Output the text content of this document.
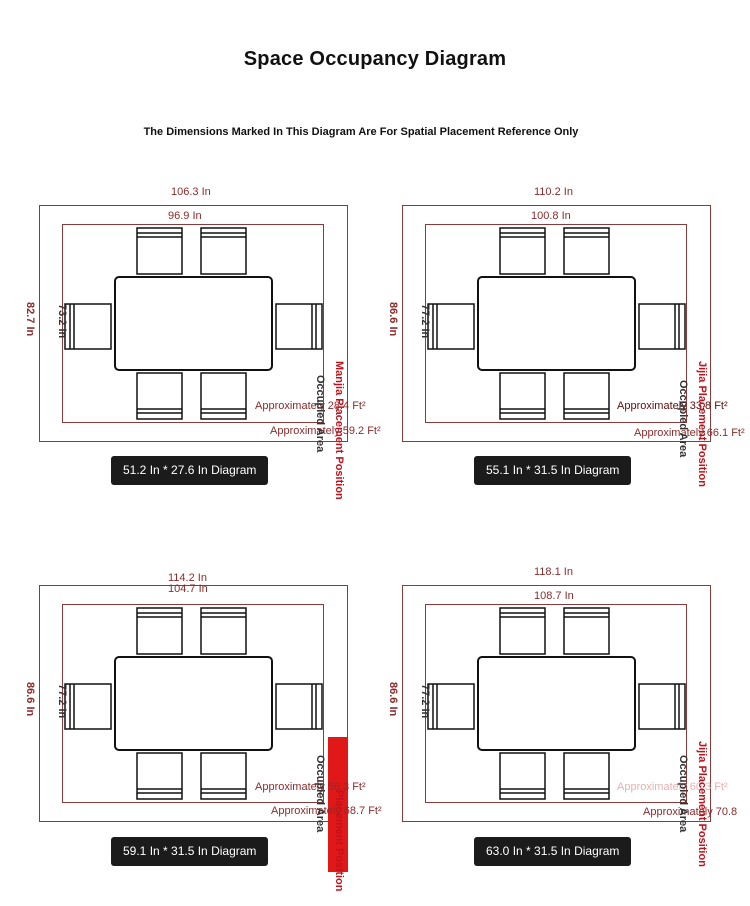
Space Occupancy Diagram
The Dimensions Marked In This Diagram Are For Spatial Placement Reference Only
106.3 In
96.9 In
82.7 In 73.2 In
Approximately 28.4 Ft²
Approximately 59.2 Ft²
Occupied Area Manjia Placement Position
51.2 In * 27.6 In Diagram
110.2 In
100.8 In
86.6 In 77.2 In
Approximately 33.8 Ft²
Approximately 66.1 Ft²
Occupied Area Jijia Placement Position
55.1 In * 31.5 In Diagram
114.2 In
104.7 In
86.6 In 77.2 In
Approximately 56.3 Ft²
Approximately 68.7 Ft²
Occupied Area Placement Position
59.1 In * 31.5 In Diagram
118.1 In
108.7 In
86.6 In 77.2 In
Approximately 60.3 Ft²
Approximately 70.8
Occupied Area Jijia Placement Position
63.0 In * 31.5 In Diagram
